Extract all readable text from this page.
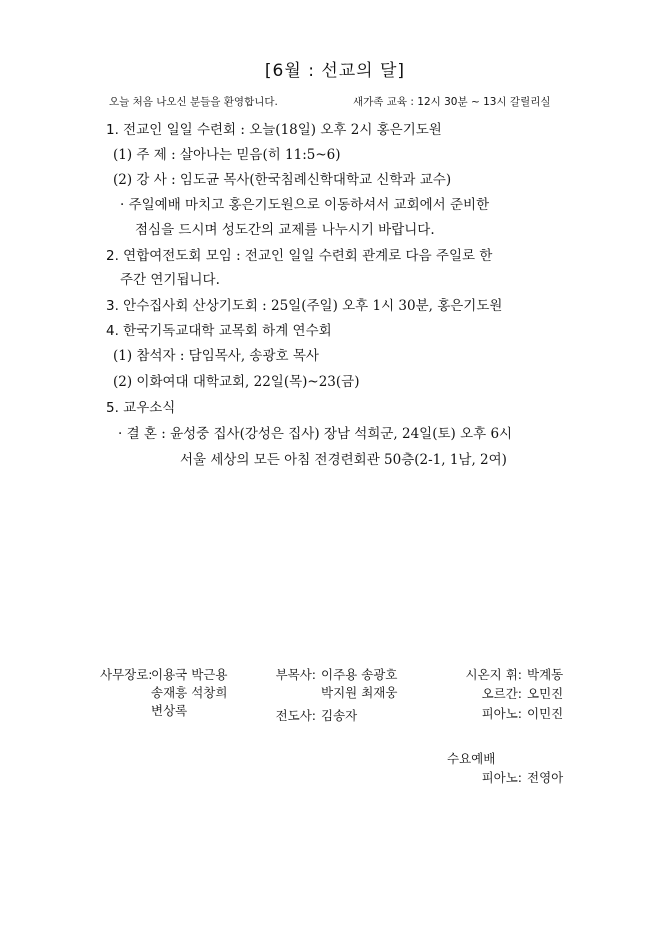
[6월 : 선교의 달]
오늘 처음 나오신 분들을 환영합니다.	새가족 교육 : 12시 30분 ~ 13시 갈릴리실
1. 전교인 일일 수련회 : 오늘(18일) 오후 2시 홍은기도원
(1) 주 제 : 살아나는 믿음(히 11:5~6)
(2) 강 사 : 임도균 목사(한국침례신학대학교 신학과 교수)
· 주일예배 마치고 홍은기도원으로 이동하셔서 교회에서 준비한
점심을 드시며 성도간의 교제를 나누시기 바랍니다.
2. 연합여전도회 모임 : 전교인 일일 수련회 관계로 다음 주일로 한
주간 연기됩니다.
3. 안수집사회 산상기도회 : 25일(주일) 오후 1시 30분, 홍은기도원
4. 한국기독교대학 교목회 하계 연수회
(1) 참석자 : 담임목사, 송광호 목사
(2) 이화여대 대학교회, 22일(목)~23(금)
5. 교우소식
· 결 혼 : 윤성중 집사(강성은 집사) 장남 석희군, 24일(토) 오후 6시
서울 세상의 모든 아침 전경련회관 50층(2-1, 1남, 2여)
사무장로:
이용국 박근용
송재흥 석창희
변상록
부목사: 이주용 송광호
박지원 최재웅
전도사: 김송자
시온지 휘: 박계동
오르간: 오민진
피아노: 이민진
수요예배
피아노: 전영아
